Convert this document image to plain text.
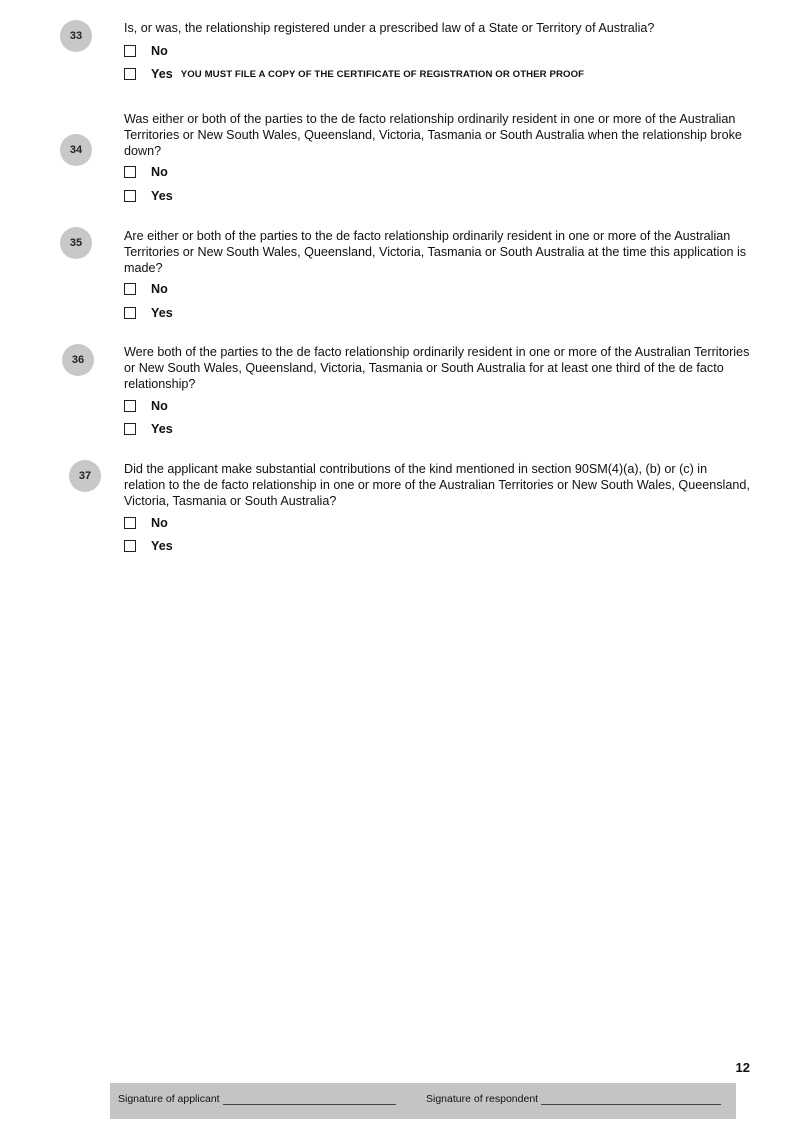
33

Is, or was, the relationship registered under a prescribed law of a State or Territory of Australia?

No
Yes YOU MUST FILE A COPY OF THE CERTIFICATE OF REGISTRATION OR OTHER PROOF
34

Was either or both of the parties to the de facto relationship ordinarily resident in one or more of the Australian Territories or New South Wales, Queensland, Victoria, Tasmania or South Australia when the relationship broke down?

No
Yes
35	Are either or both of the parties to the de facto relationship ordinarily resident in one or more of the Australian Territories or New South Wales, Queensland, Victoria, Tasmania or South Australia at the time this application is made?

No
Yes
36

Were both of the parties to the de facto relationship ordinarily resident in one or more of the Australian Territories or New South Wales, Queensland, Victoria, Tasmania or South Australia for at least one third of the de facto relationship?

No
Yes
37	Did the applicant make substantial contributions of the kind mentioned in section 90SM(4)(a), (b) or (c) in relation to the de facto relationship in one or more of the Australian Territories or New South Wales, Queensland, Victoria, Tasmania or South Australia?

No
Yes
12
Signature of applicant	Signature of respondent
